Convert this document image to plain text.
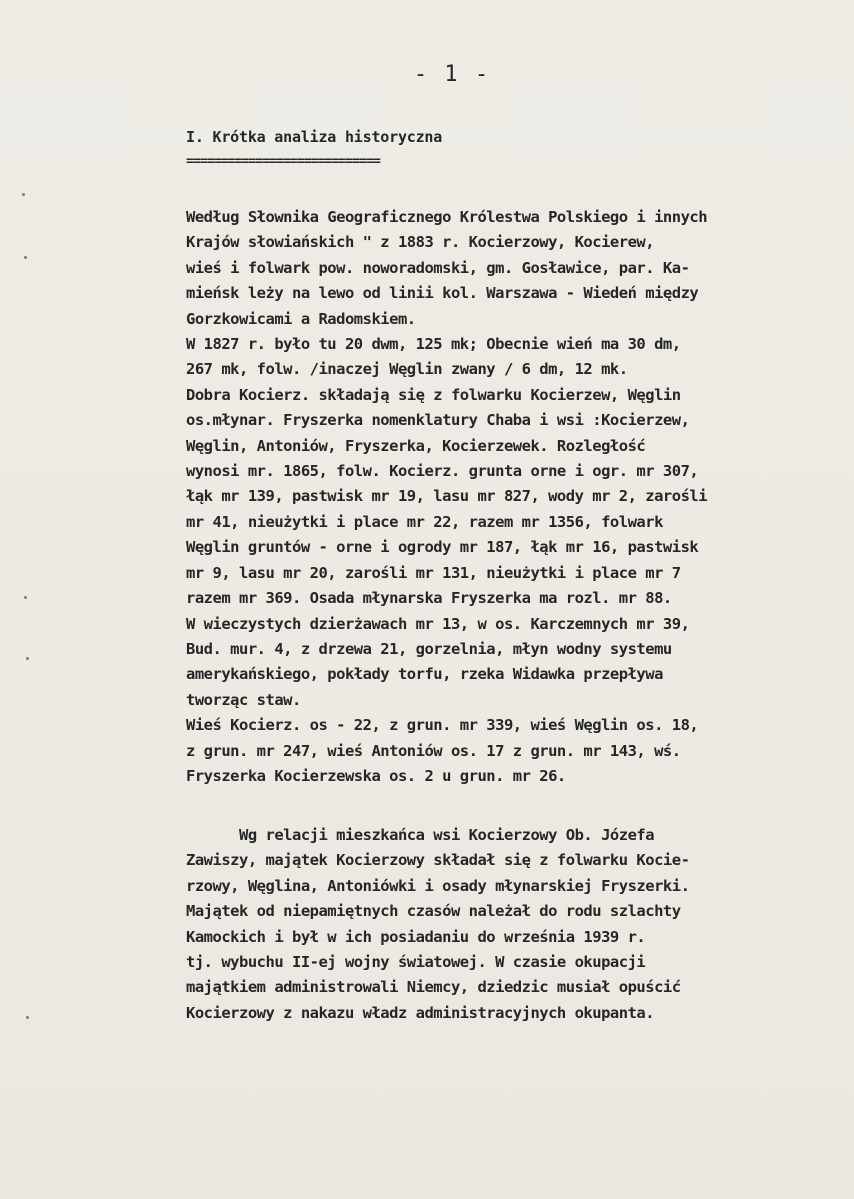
- 1 -
I. Krótka analiza historyczna
============================
Według Słownika Geograficznego Królestwa Polskiego i innych
Krajów słowiańskich " z 1883 r. Kocierzowy, Kocierew,
wieś i folwark pow. noworadomski, gm. Gosławice, par. Ka-
mieńsk leży na lewo od linii kol. Warszawa - Wiedeń między
Gorzkowicami a Radomskiem.
W 1827 r. było tu 20 dwm, 125 mk; Obecnie wień ma 30 dm,
267 mk, folw. /inaczej Węglin zwany / 6 dm, 12 mk.
Dobra Kocierz. składają się z folwarku Kocierzew, Węglin
os.młynar. Fryszerka nomenklatury Chaba i wsi :Kocierzew,
Węglin, Antoniów, Fryszerka, Kocierzewek. Rozległość
wynosi mr. 1865, folw. Kocierz. grunta orne i ogr. mr 307,
łąk mr 139, pastwisk mr 19, lasu mr 827, wody mr 2, zarośli
mr 41, nieużytki i place mr 22, razem mr 1356, folwark
Węglin gruntów - orne i ogrody mr 187, łąk mr 16, pastwisk
mr 9, lasu mr 20, zarośli mr 131, nieużytki i place mr 7
razem mr 369. Osada młynarska Fryszerka ma rozl. mr 88.
W wieczystych dzierżawach mr 13, w os. Karczemnych mr 39,
Bud. mur. 4, z drzewa 21, gorzelnia, młyn wodny systemu
amerykańskiego, pokłady torfu, rzeka Widawka przepływa
tworząc staw.
Wieś Kocierz. os - 22, z grun. mr 339, wieś Węglin os. 18,
z grun. mr 247, wieś Antoniów os. 17 z grun. mr 143, wś.
Fryszerka Kocierzewska os. 2 u grun. mr 26.
Wg relacji mieszkańca wsi Kocierzowy Ob. Józefa
Zawiszy, majątek Kocierzowy składał się z folwarku Kocie-
rzowy, Węglina, Antoniówki i osady młynarskiej Fryszerki.
Majątek od niepamiętnych czasów należał do rodu szlachty
Kamockich i był w ich posiadaniu do września 1939 r.
tj. wybuchu II-ej wojny światowej. W czasie okupacji
majątkiem administrowali Niemcy, dziedzic musiał opuścić
Kocierzowy z nakazu władz administracyjnych okupanta.
